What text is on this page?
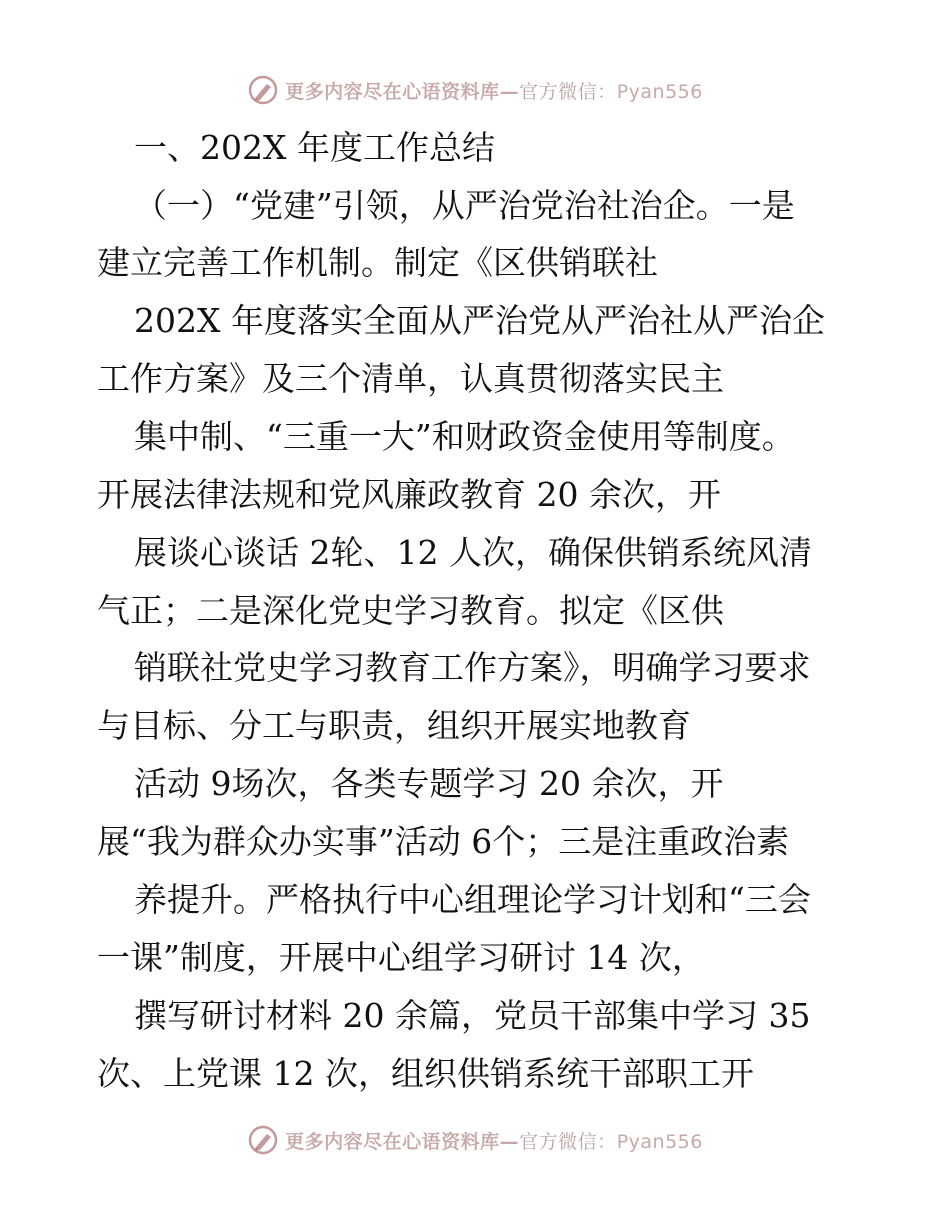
更多内容尽在心语资料库—官方微信：Pyan556
一、202X 年度工作总结
（一）“党建”引领，从严治党治社治企。一是
建立完善工作机制。制定《区供销联社
202X 年度落实全面从严治党从严治社从严治企
工作方案》及三个清单，认真贯彻落实民主
集中制、“三重一大”和财政资金使用等制度。
开展法律法规和党风廉政教育 20 余次，开
展谈心谈话 2轮、12 人次，确保供销系统风清
气正；二是深化党史学习教育。拟定《区供
销联社党史学习教育工作方案》，明确学习要求
与目标、分工与职责，组织开展实地教育
活动 9场次，各类专题学习 20 余次，开
展“我为群众办实事”活动 6个；三是注重政治素
养提升。严格执行中心组理论学习计划和“三会
一课”制度，开展中心组学习研讨 14 次，
撰写研讨材料 20 余篇，党员干部集中学习 35
次、上党课 12 次，组织供销系统干部职工开
更多内容尽在心语资料库—官方微信：Pyan556
